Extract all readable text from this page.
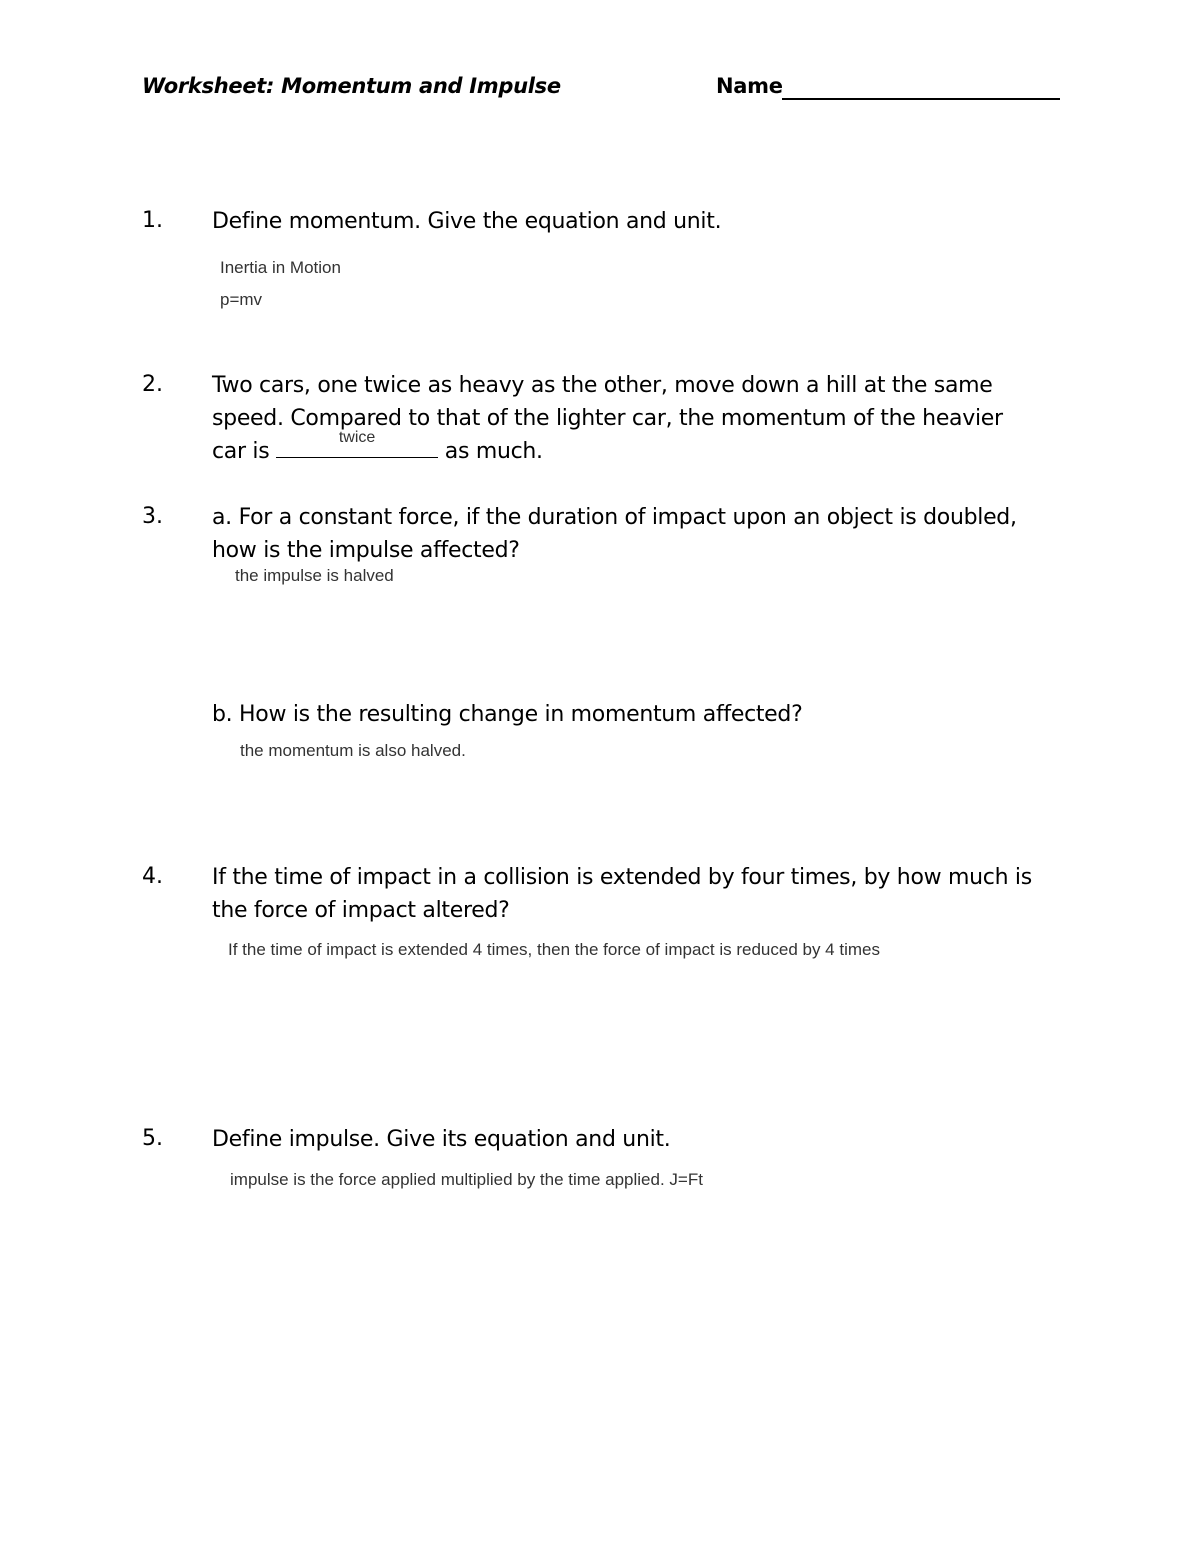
Worksheet: Momentum and Impulse	Name
1. Define momentum. Give the equation and unit.
Inertia in Motion
p=mv
2. Two cars, one twice as heavy as the other, move down a hill at the same
speed. Compared to that of the lighter car, the momentum of the heavier
car is
twice
as much.
3. a. For a constant force, if the duration of impact upon an object is doubled,
how is the impulse affected?
the impulse is halved
b. How is the resulting change in momentum affected?
the momentum is also halved.
4. If the time of impact in a collision is extended by four times, by how much is
the force of impact altered?
If the time of impact is extended 4 times, then the force of impact is reduced by 4 times
5. Define impulse. Give its equation and unit.
impulse is the force applied multiplied by the time applied. J=Ft
